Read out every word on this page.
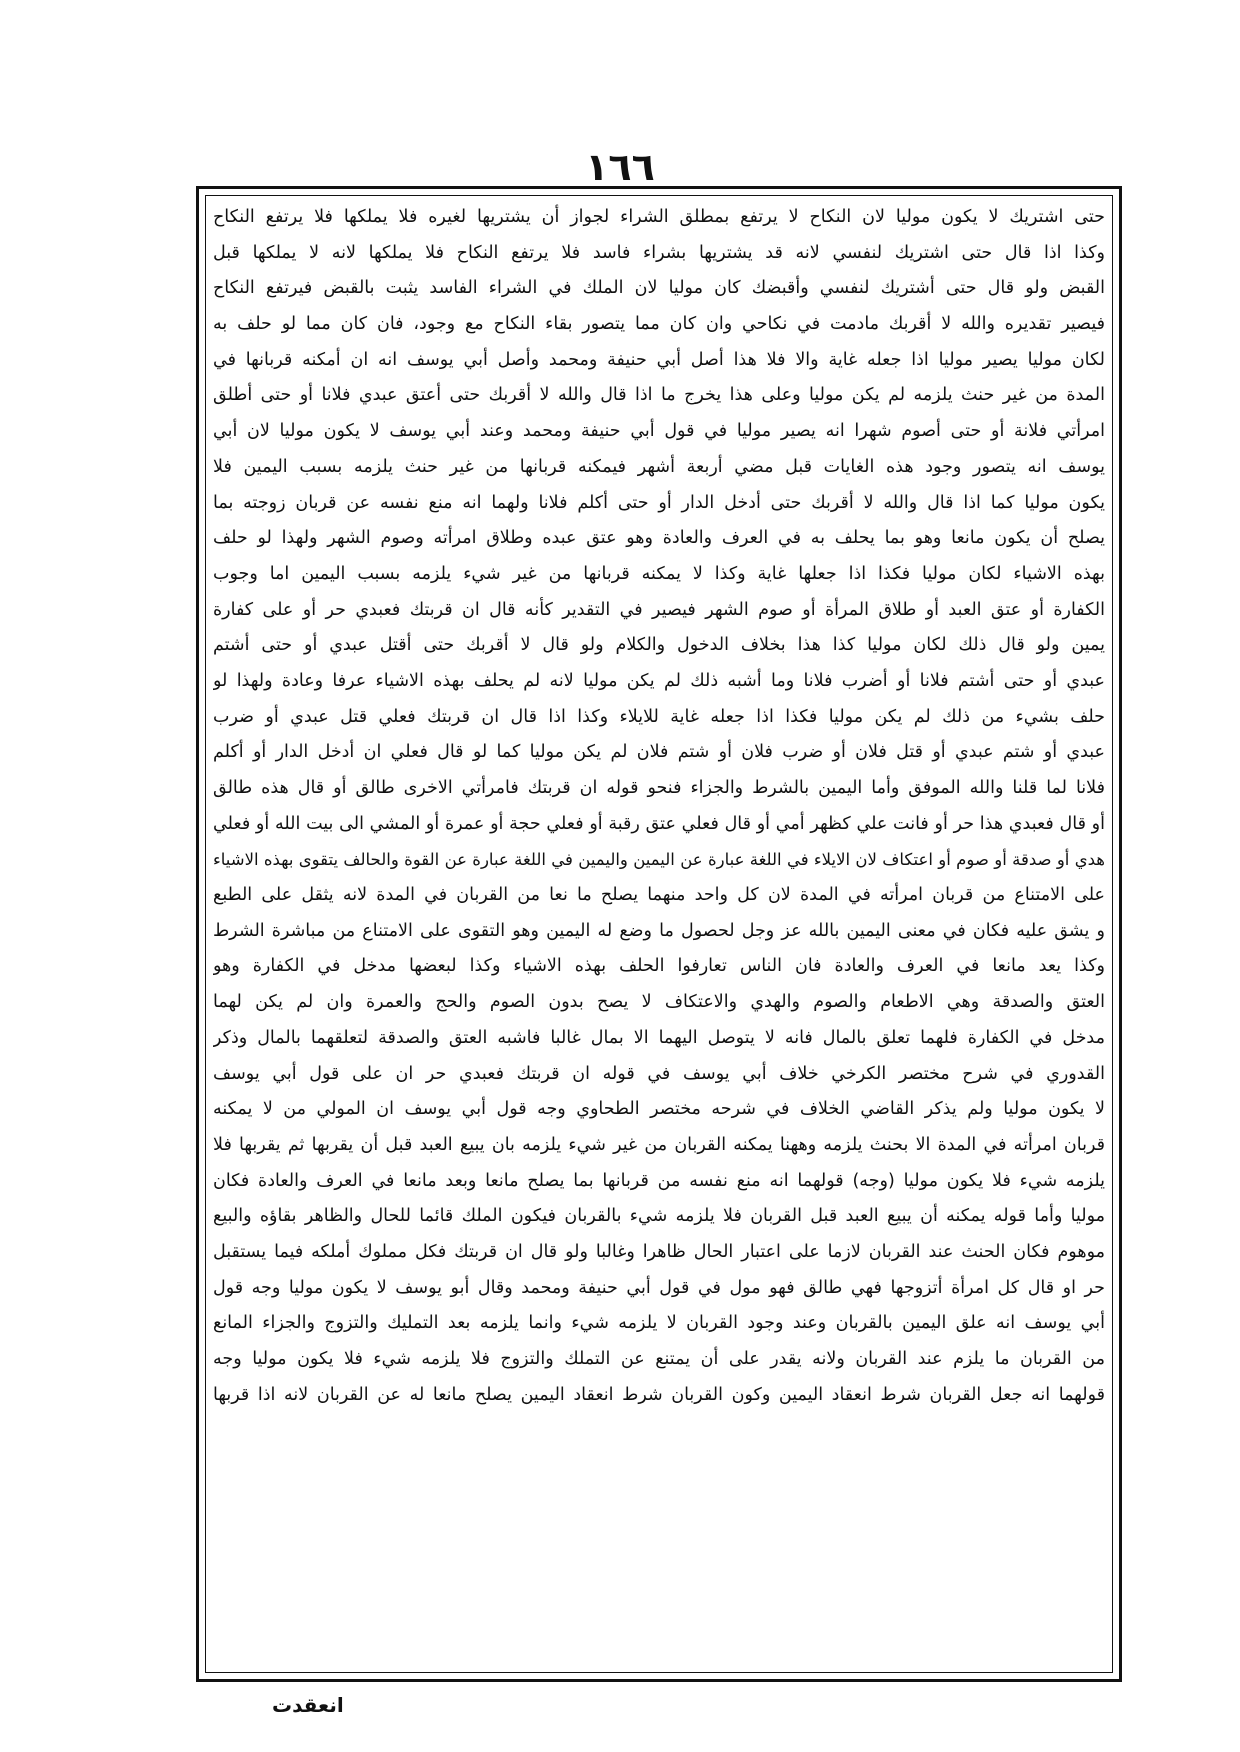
١٦٦
حتى اشتريك لا يكون موليا لان النكاح لا يرتفع بمطلق الشراء لجواز أن يشتريها لغيره فلا يملكها فلا يرتفع النكاح
وكذا اذا قال حتى اشتريك لنفسي لانه قد يشتريها بشراء فاسد فلا يرتفع النكاح فلا يملكها لانه لا يملكها قبل
القبض ولو قال حتى أشتريك لنفسي وأقبضك كان موليا لان الملك في الشراء الفاسد يثبت بالقبض فيرتفع النكاح
فيصير تقديره والله لا أقربك مادمت في نكاحي وان كان مما يتصور بقاء النكاح مع وجود، فان كان مما لو حلف به
لكان موليا يصير موليا اذا جعله غاية والا فلا هذا أصل أبي حنيفة ومحمد وأصل أبي يوسف انه ان أمكنه قربانها في
المدة من غير حنث يلزمه لم يكن موليا وعلى هذا يخرج ما اذا قال والله لا أقربك حتى أعتق عبدي فلانا أو حتى أطلق
امرأتي فلانة أو حتى أصوم شهرا انه يصير موليا في قول أبي حنيفة ومحمد وعند أبي يوسف لا يكون موليا لان أبي
يوسف انه يتصور وجود هذه الغايات قبل مضي أربعة أشهر فيمكنه قربانها من غير حنث يلزمه بسبب اليمين فلا
يكون موليا كما اذا قال والله لا أقربك حتى أدخل الدار أو حتى أكلم فلانا ولهما انه منع نفسه عن قربان زوجته بما
يصلح أن يكون مانعا وهو بما يحلف به في العرف والعادة وهو عتق عبده وطلاق امرأته وصوم الشهر ولهذا لو حلف
بهذه الاشياء لكان موليا فكذا اذا جعلها غاية وكذا لا يمكنه قربانها من غير شيء يلزمه بسبب اليمين اما وجوب
الكفارة أو عتق العبد أو طلاق المرأة أو صوم الشهر فيصير في التقدير كأنه قال ان قربتك فعبدي حر أو على كفارة
يمين ولو قال ذلك لكان موليا كذا هذا بخلاف الدخول والكلام ولو قال لا أقربك حتى أقتل عبدي أو حتى أشتم
عبدي أو حتى أشتم فلانا أو أضرب فلانا وما أشبه ذلك لم يكن موليا لانه لم يحلف بهذه الاشياء عرفا وعادة ولهذا لو
حلف بشيء من ذلك لم يكن موليا فكذا اذا جعله غاية للايلاء وكذا اذا قال ان قربتك فعلي قتل عبدي أو ضرب
عبدي أو شتم عبدي أو قتل فلان أو ضرب فلان أو شتم فلان لم يكن موليا كما لو قال فعلي ان أدخل الدار أو أكلم
فلانا لما قلنا والله الموفق وأما اليمين بالشرط والجزاء فنحو قوله ان قربتك فامرأتي الاخرى طالق أو قال هذه طالق
أو قال فعبدي هذا حر أو فانت علي كظهر أمي أو قال فعلي عتق رقبة أو فعلي حجة أو عمرة أو المشي الى بيت الله أو فعلي
هدي أو صدقة أو صوم أو اعتكاف لان الايلاء في اللغة عبارة عن اليمين واليمين في اللغة عبارة عن القوة والحالف يتقوى بهذه الاشياء
على الامتناع من قربان امرأته في المدة لان كل واحد منهما يصلح ما نعا من القربان في المدة لانه يثقل على الطبع
و يشق عليه فكان في معنى اليمين بالله عز وجل لحصول ما وضع له اليمين وهو التقوى على الامتناع من مباشرة الشرط
وكذا يعد مانعا في العرف والعادة فان الناس تعارفوا الحلف بهذه الاشياء وكذا لبعضها مدخل في الكفارة وهو
العتق والصدقة وهي الاطعام والصوم والهدي والاعتكاف لا يصح بدون الصوم والحج والعمرة وان لم يكن لهما
مدخل في الكفارة فلهما تعلق بالمال فانه لا يتوصل اليهما الا بمال غالبا فاشبه العتق والصدقة لتعلقهما بالمال وذكر
القدوري في شرح مختصر الكرخي خلاف أبي يوسف في قوله ان قربتك فعبدي حر ان على قول أبي يوسف
لا يكون موليا ولم يذكر القاضي الخلاف في شرحه مختصر الطحاوي وجه قول أبي يوسف ان المولي من لا يمكنه
قربان امرأته في المدة الا بحنث يلزمه وههنا يمكنه القربان من غير شيء يلزمه بان يبيع العبد قبل أن يقربها ثم يقربها فلا
يلزمه شيء فلا يكون موليا (وجه) قولهما انه منع نفسه من قربانها بما يصلح مانعا وبعد مانعا في العرف والعادة فكان
موليا وأما قوله يمكنه أن يبيع العبد قبل القربان فلا يلزمه شيء بالقربان فيكون الملك قائما للحال والظاهر بقاؤه والبيع
موهوم فكان الحنث عند القربان لازما على اعتبار الحال ظاهرا وغالبا ولو قال ان قربتك فكل مملوك أملكه فيما يستقبل
حر او قال كل امرأة أتزوجها فهي طالق فهو مول في قول أبي حنيفة ومحمد وقال أبو يوسف لا يكون موليا وجه قول
أبي يوسف انه علق اليمين بالقربان وعند وجود القربان لا يلزمه شيء وانما يلزمه بعد التمليك والتزوج والجزاء المانع
من القربان ما يلزم عند القربان ولانه يقدر على أن يمتنع عن التملك والتزوج فلا يلزمه شيء فلا يكون موليا وجه
قولهما انه جعل القربان شرط انعقاد اليمين وكون القربان شرط انعقاد اليمين يصلح مانعا له عن القربان لانه اذا قربها
انعقدت
